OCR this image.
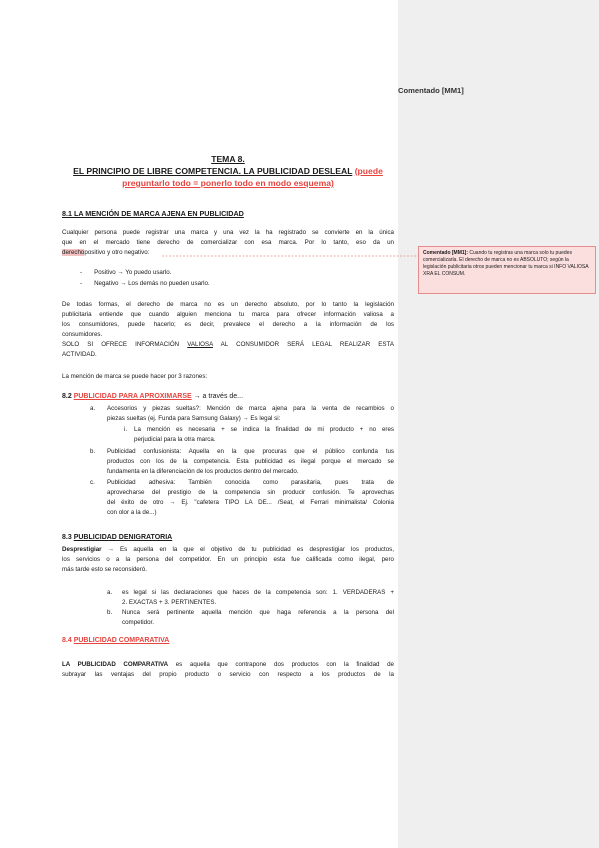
TEMA 8.
EL PRINCIPIO DE LIBRE COMPETENCIA. LA PUBLICIDAD DESLEAL (puede
preguntarlo todo = ponerlo todo en modo esquema)
8.1 LA MENCIÓN DE MARCA AJENA EN PUBLICIDAD
Cualquier persona puede registrar una marca y una vez la ha registrado se convierte en la única
que en el mercado tiene derecho de comercializar con esa marca. Por lo tanto, eso da un
derechopositivo y otro negativo:
- Positivo → Yo puedo usarlo.
- Negativo → Los demás no pueden usarlo.
De todas formas, el derecho de marca no es un derecho absoluto, por lo tanto la legislación
publicitaria entiende que cuando alguien menciona tu marca para ofrecer información valiosa a
los consumidores, puede hacerlo; es decir, prevalece el derecho a la información de los
consumidores.
SOLO SI OFRECE INFORMACIÓN VALIOSA AL CONSUMIDOR SERÁ LEGAL REALIZAR ESTA
ACTIVIDAD.
La mención de marca se puede hacer por 3 razones:
8.2 PUBLICIDAD PARA APROXIMARSE → a través de...
a. Accesorios y piezas sueltas?: Mención de marca ajena para la venta de recambios o
piezas sueltas (ej. Funda para Samsung Galaxy) → Es legal si:
i. La mención es necesaria + se indica la finalidad de mi producto + no eres
perjudicial para la otra marca.
b. Publicidad confusionista: Aquella en la que procuras que el público confunda tus
productos con los de la competencia. Esta publicidad es ilegal porque el mercado se
fundamenta en la diferenciación de los productos dentro del mercado.
c. Publicidad adhesiva: También conocida como parasitaria, pues trata de
aprovecharse del prestigio de la competencia sin producir confusión. Te aprovechas
del éxito de otro → Ej. "cafetera TIPO LA DE... /Seat, el Ferrari minimalista/ Colonia
con olor a la de...)
8.3 PUBLICIDAD DENIGRATORIA
Desprestigiar → Es aquella en la que el objetivo de tu publicidad es desprestigiar los productos,
los servicios o a la persona del competidor. En un principio esta fue calificada como ilegal, pero
más tarde esto se reconsideró.
a. es legal si las declaraciones que haces de la competencia son: 1. VERDADERAS +
2. EXACTAS + 3. PERTINENTES.
b. Nunca será pertinente aquella mención que haga referencia a la persona del
competidor.
8.4 PUBLICIDAD COMPARATIVA
LA PUBLICIDAD COMPARATIVA es aquella que contrapone dos productos con la finalidad de
subrayar las ventajas del propio producto o servicio con respecto a los productos de la
Comentado [MM1]: Cuando tu registras una marca solo tu puedes comercializarla. El derecho de marca no es ABSOLUTO; según la legislación publicitaria otros pueden mencionar tu marca si INFO VALIOSA XRA EL CONSUM.
Comentado [MM1]
